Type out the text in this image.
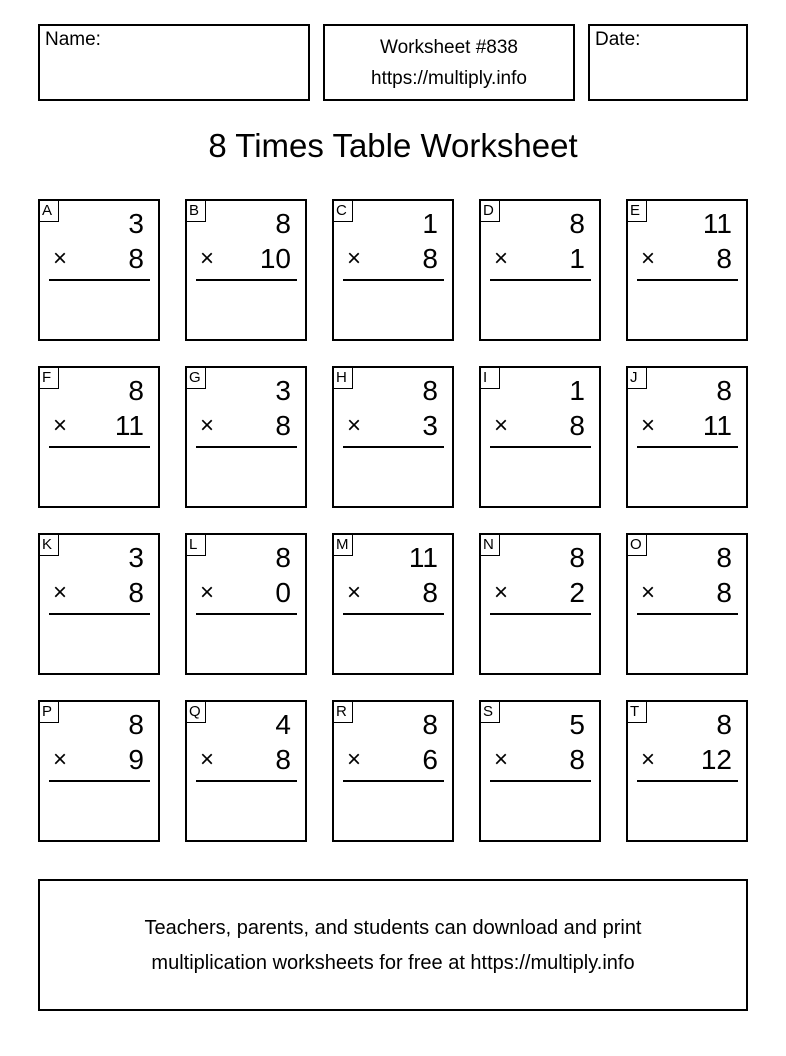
Name:	Worksheet #838
https://multiply.info
Date:
8 Times Table Worksheet
A	3
× 8
B	8
× 10
C	1
× 8
D	8
× 1
E 11
× 8
F	8
× 11
G	3
× 8
H	8
× 3
I	1
× 8
J	8
× 11
K	3
× 8
L	8
× 0
M 11
× 8
N	8
× 2
O	8
× 8
P	8
× 9
Q	4
× 8
R	8
× 6
S	5
× 8
T	8
× 12
Teachers, parents, and students can download and print
multiplication worksheets for free at https://multiply.info
